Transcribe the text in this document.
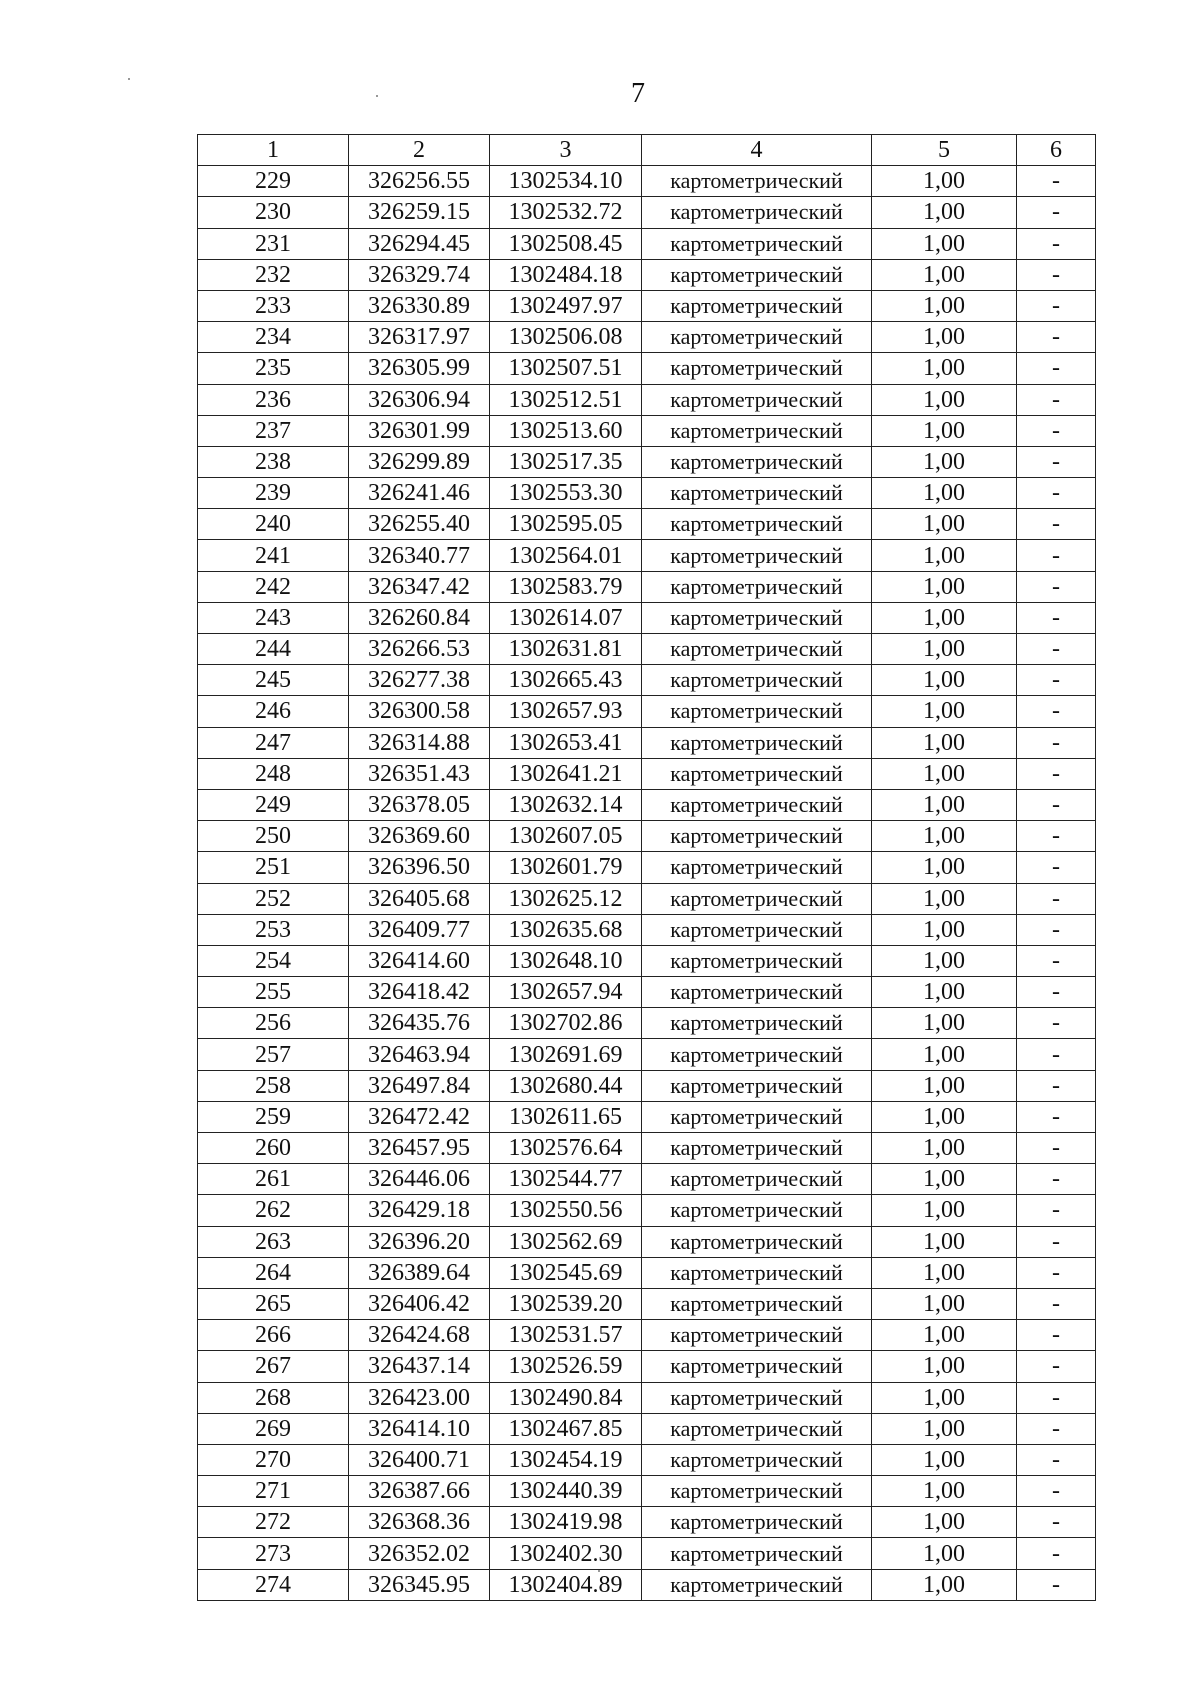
7
1	2	3	4	5	6
229	326256.55	1302534.10	картометрический	1,00	-
230	326259.15	1302532.72	картометрический	1,00	-
231	326294.45	1302508.45	картометрический	1,00	-
232	326329.74	1302484.18	картометрический	1,00	-
233	326330.89	1302497.97	картометрический	1,00	-
234	326317.97	1302506.08	картометрический	1,00	-
235	326305.99	1302507.51	картометрический	1,00	-
236	326306.94	1302512.51	картометрический	1,00	-
237	326301.99	1302513.60	картометрический	1,00	-
238	326299.89	1302517.35	картометрический	1,00	-
239	326241.46	1302553.30	картометрический	1,00	-
240	326255.40	1302595.05	картометрический	1,00	-
241	326340.77	1302564.01	картометрический	1,00	-
242	326347.42	1302583.79	картометрический	1,00	-
243	326260.84	1302614.07	картометрический	1,00	-
244	326266.53	1302631.81	картометрический	1,00	-
245	326277.38	1302665.43	картометрический	1,00	-
246	326300.58	1302657.93	картометрический	1,00	-
247	326314.88	1302653.41	картометрический	1,00	-
248	326351.43	1302641.21	картометрический	1,00	-
249	326378.05	1302632.14	картометрический	1,00	-
250	326369.60	1302607.05	картометрический	1,00	-
251	326396.50	1302601.79	картометрический	1,00	-
252	326405.68	1302625.12	картометрический	1,00	-
253	326409.77	1302635.68	картометрический	1,00	-
254	326414.60	1302648.10	картометрический	1,00	-
255	326418.42	1302657.94	картометрический	1,00	-
256	326435.76	1302702.86	картометрический	1,00	-
257	326463.94	1302691.69	картометрический	1,00	-
258	326497.84	1302680.44	картометрический	1,00	-
259	326472.42	1302611.65	картометрический	1,00	-
260	326457.95	1302576.64	картометрический	1,00	-
261	326446.06	1302544.77	картометрический	1,00	-
262	326429.18	1302550.56	картометрический	1,00	-
263	326396.20	1302562.69	картометрический	1,00	-
264	326389.64	1302545.69	картометрический	1,00	-
265	326406.42	1302539.20	картометрический	1,00	-
266	326424.68	1302531.57	картометрический	1,00	-
267	326437.14	1302526.59	картометрический	1,00	-
268	326423.00	1302490.84	картометрический	1,00	-
269	326414.10	1302467.85	картометрический	1,00	-
270	326400.71	1302454.19	картометрический	1,00	-
271	326387.66	1302440.39	картометрический	1,00	-
272	326368.36	1302419.98	картометрический	1,00	-
273	326352.02	1302402.30	картометрический	1,00	-
274	326345.95	1302404.89	картометрический	1,00	-
